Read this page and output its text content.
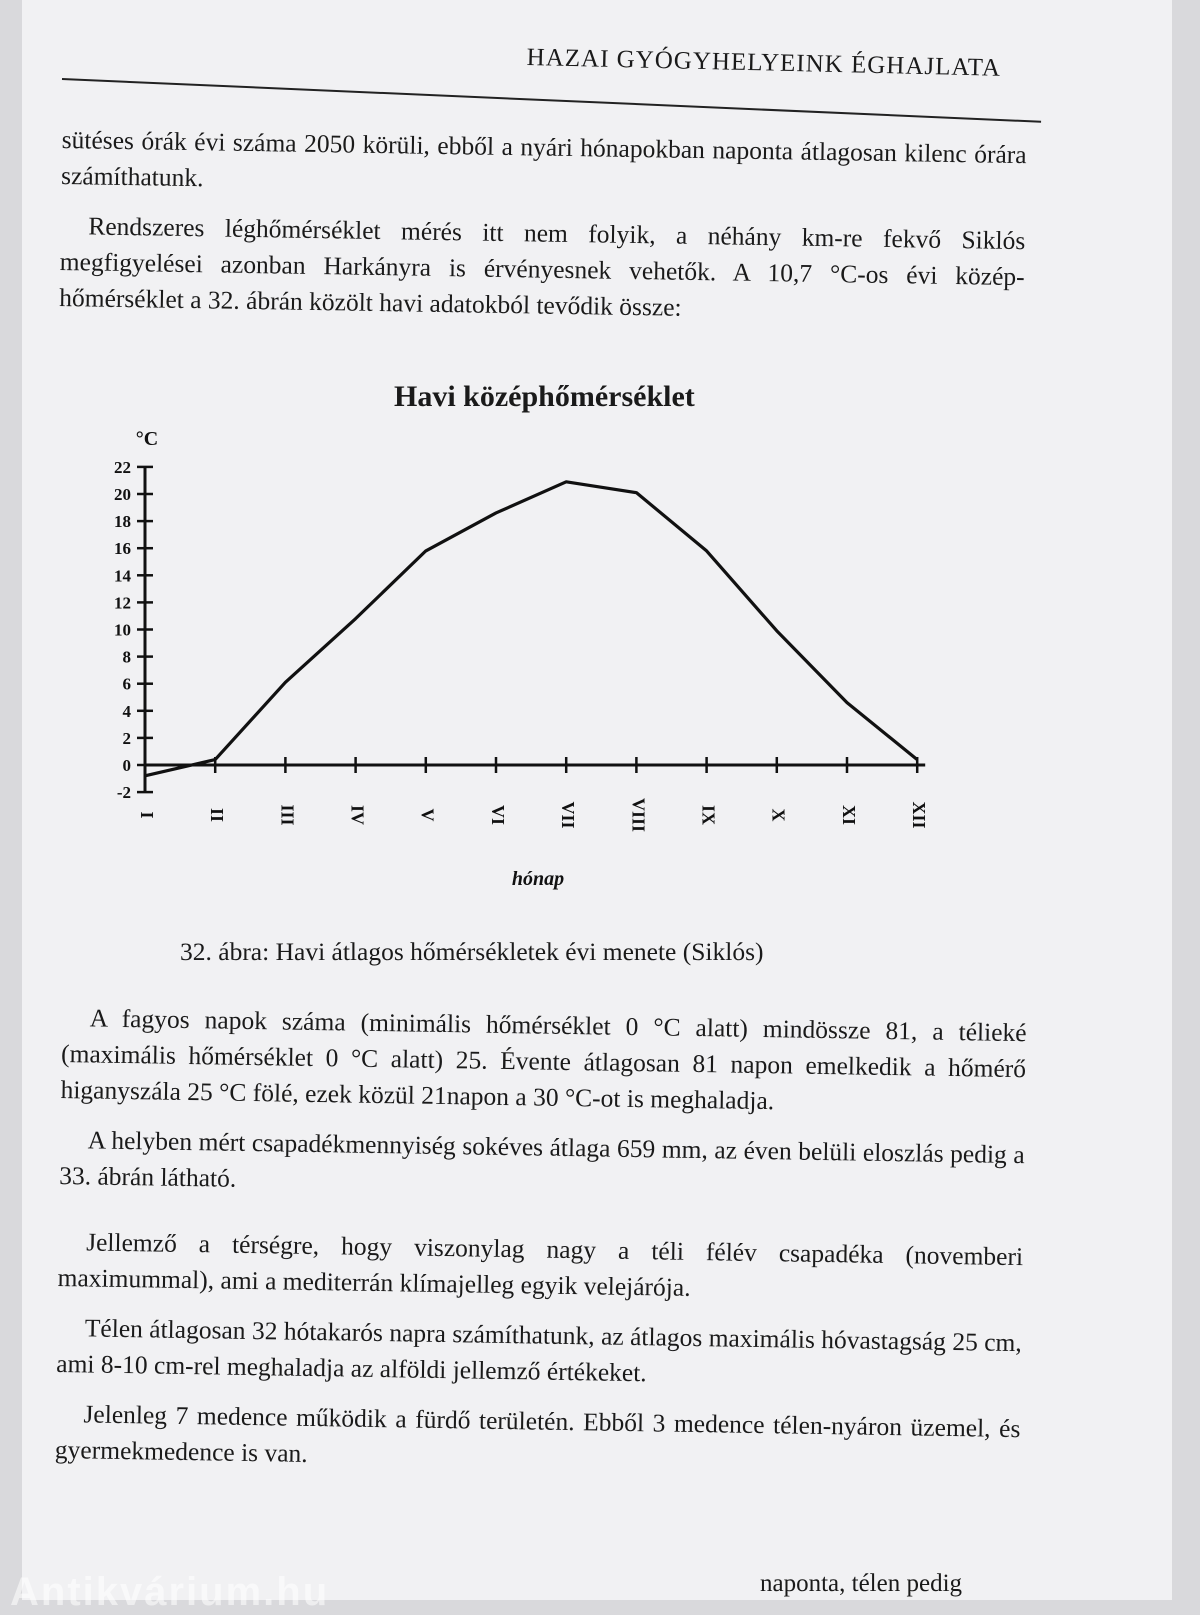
HAZAI GYÓGYHELYEINK ÉGHAJLATA

sütéses órák évi száma 2050 körüli, ebből a nyári hónapokban naponta átlagosan kilenc órára számíthatunk.

Rendszeres léghőmérséklet mérés itt nem folyik, a néhány km-re fekvő Siklós megfigyelései azonban Harkányra is érvényesnek vehetők. A 10,7 °C-os évi közép-hőmérséklet a 32. ábrán közölt havi adatokból tevődik össze:

Havi középhőmérséklet
22
20
18
16
14
12
10
8
6
4
2
0
-2
I	II	III	IV	V	VI	VII	VIII	IX	X	XI	XII
°C
hónap
32. ábra: Havi átlagos hőmérsékletek évi menete (Siklós)

A fagyos napok száma (minimális hőmérséklet 0 °C alatt) mindössze 81, a télieké (maximális hőmérséklet 0 °C alatt) 25. Évente átlagosan 81 napon emelkedik a hőmérő higanyszála 25 °C fölé, ezek közül 21napon a 30 °C-ot is meghaladja.

A helyben mért csapadékmennyiség sokéves átlaga 659 mm, az éven belüli eloszlás pedig a 33. ábrán látható.

Jellemző a térségre, hogy viszonylag nagy a téli félév csapadéka (novemberi maximummal), ami a mediterrán klímajelleg egyik velejárója.

Télen átlagosan 32 hótakarós napra számíthatunk, az átlagos maximális hóvastagság 25 cm, ami 8-10 cm-rel meghaladja az alföldi jellemző értékeket.

Jelenleg 7 medence működik a fürdő területén. Ebből 3 medence télen-nyáron üzemel, és gyermekmedence is van.

naponta, télen pedig
Antikvárium.hu
